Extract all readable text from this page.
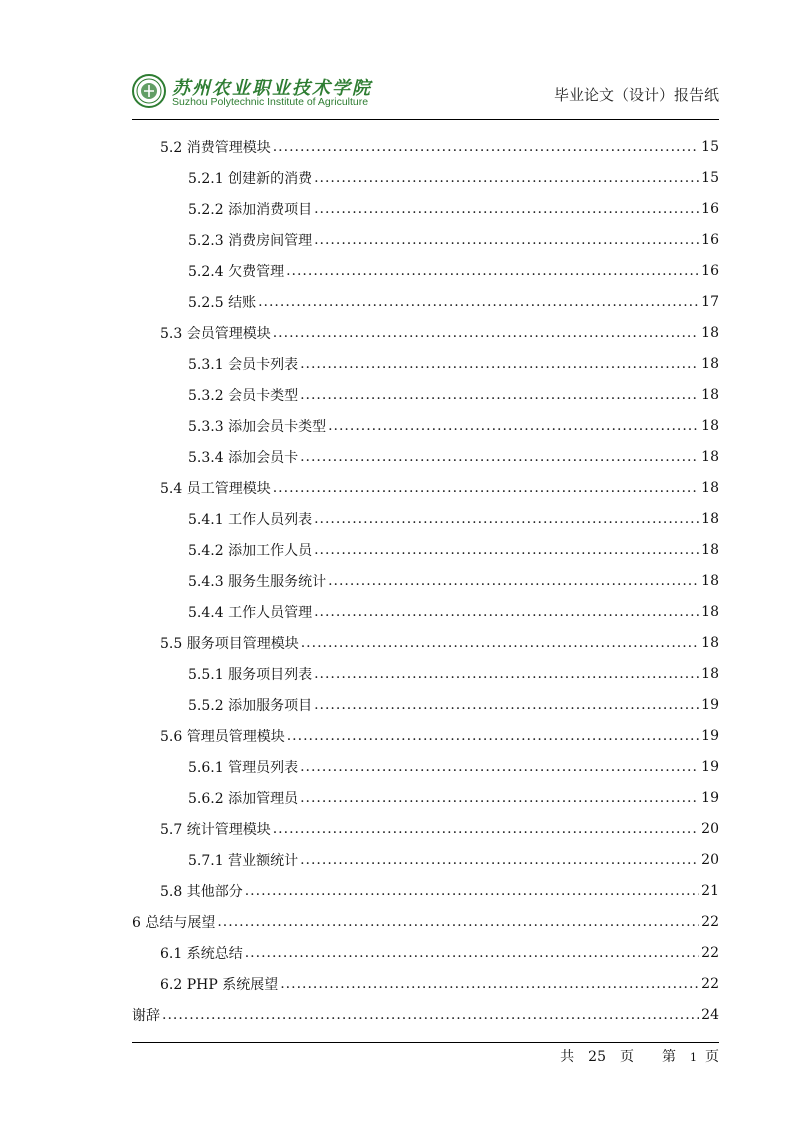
苏州农业职业技术学院
Suzhou Polytechnic Institute of Agriculture	毕业论文（设计）报告纸
5.2 消费管理模块 .....	15
5.2.1 创建新的消费 .....	15
5.2.2 添加消费项目 .....	16
5.2.3 消费房间管理 .....	16
5.2.4 欠费管理 .....	16
5.2.5 结账 .....	17
5.3 会员管理模块 .....	18
5.3.1 会员卡列表 .....	18
5.3.2 会员卡类型 .....	18
5.3.3 添加会员卡类型 .....	18
5.3.4 添加会员卡 .....	18
5.4 员工管理模块 .....	18
5.4.1 工作人员列表 .....	18
5.4.2 添加工作人员 .....	18
5.4.3 服务生服务统计 .....	18
5.4.4 工作人员管理 .....	18
5.5 服务项目管理模块 .....	18
5.5.1 服务项目列表 .....	18
5.5.2 添加服务项目 .....	19
5.6 管理员管理模块 .....	19
5.6.1 管理员列表 .....	19
5.6.2 添加管理员 .....	19
5.7 统计管理模块 .....	20
5.7.1 营业额统计 .....	20
5.8 其他部分 .....	21
6 总结与展望 .....	22
6.1 系统总结 .....	22
6.2 PHP 系统展望 .....	22
谢辞 .....	24
共 25 页 第 1 页
